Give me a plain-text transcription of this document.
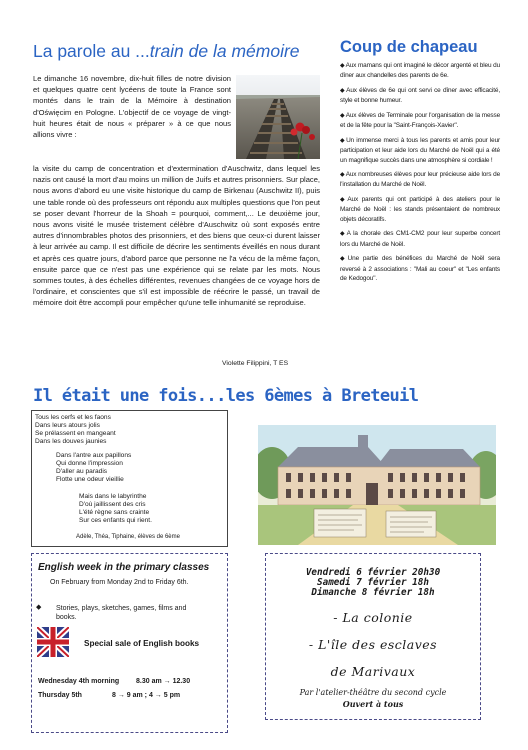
La parole au ...train de la mémoire

Le dimanche 16 novembre, dix-huit filles de notre division et quelques quatre cent lycéens de toute la France sont montés dans le train de la Mémoire à destination d'Oświęcim en Pologne. L'objectif de ce voyage de vingt-huit heures était de nous « préparer » à ce que nous allions vivre :

la visite du camp de concentration et d'extermination d'Auschwitz, dans lequel les nazis ont causé la mort d'au moins un million de Juifs et autres prisonniers. Sur place, nous avons d'abord eu une visite historique du camp de Birkenau (Auschwitz II), puis une table ronde où des professeurs ont répondu aux multiples questions que l'on peut se poser devant l'horreur de la Shoah = pourquoi, comment,... Le deuxième jour, nous avons visité le musée tristement célèbre d'Auschwitz où sont exposés entre autres d'innombrables photos des prisonniers, et des biens que ceux-ci durent laisser à leur arrivée au camp. Il est difficile de décrire les sentiments éveillés en nous durant et après ces quatre jours, d'abord parce que personne ne l'a vécu de la même façon, ensuite parce que ce n'est pas une expérience qui se relate par les mots. Nous sommes toutes, à des échelles différentes, revenues changées de ce voyage hors de l'ordinaire, et conscientes que s'il est impossible de réécrire le passé, un travail de mémoire doit être accompli pour empêcher qu'une telle inhumanité se reproduise.

Violette Filippini, T ES
Coup de chapeau
◆Aux mamans qui ont imaginé le décor argenté et bleu du dîner aux chandelles des parents de 6e.
◆Aux élèves de 6e qui ont servi ce dîner avec efficacité, style et bonne humeur.
◆Aux élèves de Terminale pour l'organisation de la messe et de la fête pour la "Saint-François-Xavier".
◆Un immense merci à tous les parents et amis pour leur participation et leur aide lors du Marché de Noël qui a été un magnifique succès dans une atmosphère si cordiale !
◆Aux nombreuses élèves pour leur précieuse aide lors de l'installation du Marché de Noël.
◆Aux parents qui ont participé à des ateliers pour le Marché de Noël : les stands présentaient de nombreux objets décoratifs.
◆A la chorale des CM1-CM2 pour leur superbe concert lors du Marché de Noël.
◆Une partie des bénéfices du Marché de Noël sera reversé à 2 associations : "Mali au coeur" et "Les enfants de Kedogou".
Il était une fois...les 6èmes à Breteuil
Tous les cerfs et les faons
Dans leurs atours jolis
Se prélassent en mangeant
Dans les douves jaunies
Dans l'antre aux papillons
Qui donne l'impression
D'aller au paradis
Flotte une odeur vieillie
Mais dans le labyrinthe
D'où jaillissent des cris
L'été règne sans crainte
Sur ces enfants qui rient.
Adèle, Théa, Tiphaine, élèves de 6ème
English week in the primary classes
On February from Monday 2nd to Friday 6th.
◆ Stories, plays, sketches, games, films and
books.
Special sale of English books
Wednesday 4th morning 8.30 am → 12.30
Thursday 5th	8 → 9 am ; 4 → 5 pm
Vendredi 6 février 20h30
Samedi 7 février 18h
Dimanche 8 février 18h
- La colonie
- L'île des esclaves
de Marivaux
Par l'atelier-théâtre du second cycle
Ouvert à tous
